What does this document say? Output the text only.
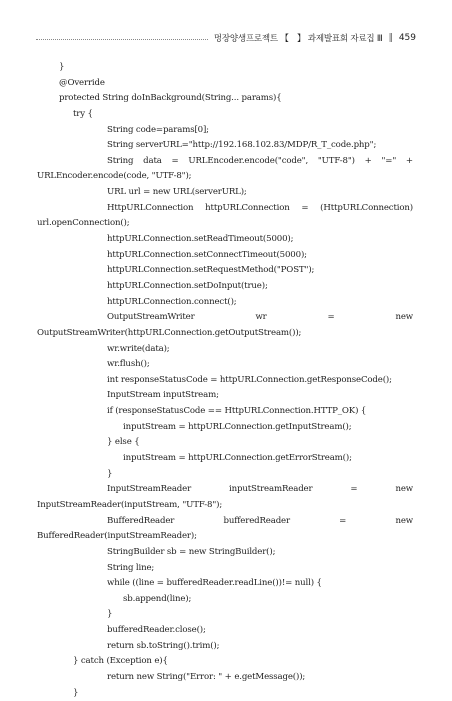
멍장양생프로젝트 【　】 과제발표회 자료집 Ⅲ ‖ 459
}
@Override
protected String doInBackground(String... params){
try {
String code=params[0];
String serverURL="http://192.168.102.83/MDP/R_T_code.php";
String data = URLEncoder.encode("code", "UTF-8") + "=" +
URLEncoder.encode(code, "UTF-8");
URL url = new URL(serverURL);
HttpURLConnection httpURLConnection = (HttpURLConnection)
url.openConnection();
httpURLConnection.setReadTimeout(5000);
httpURLConnection.setConnectTimeout(5000);
httpURLConnection.setRequestMethod("POST");
httpURLConnection.setDoInput(true);
httpURLConnection.connect();
OutputStreamWriter	wr	=	new
OutputStreamWriter(httpURLConnection.getOutputStream());
wr.write(data);
wr.flush();
int responseStatusCode = httpURLConnection.getResponseCode();
InputStream inputStream;
if (responseStatusCode == HttpURLConnection.HTTP_OK) {
inputStream = httpURLConnection.getInputStream();
} else {
inputStream = httpURLConnection.getErrorStream();
}
InputStreamReader	inputStreamReader	=	new
InputStreamReader(inputStream, "UTF-8");
BufferedReader	bufferedReader	=	new
BufferedReader(inputStreamReader);
StringBuilder sb = new StringBuilder();
String line;
while ((line = bufferedReader.readLine())!= null) {
sb.append(line);
}
bufferedReader.close();
return sb.toString().trim();
} catch (Exception e){
return new String("Error: " + e.getMessage());
}
